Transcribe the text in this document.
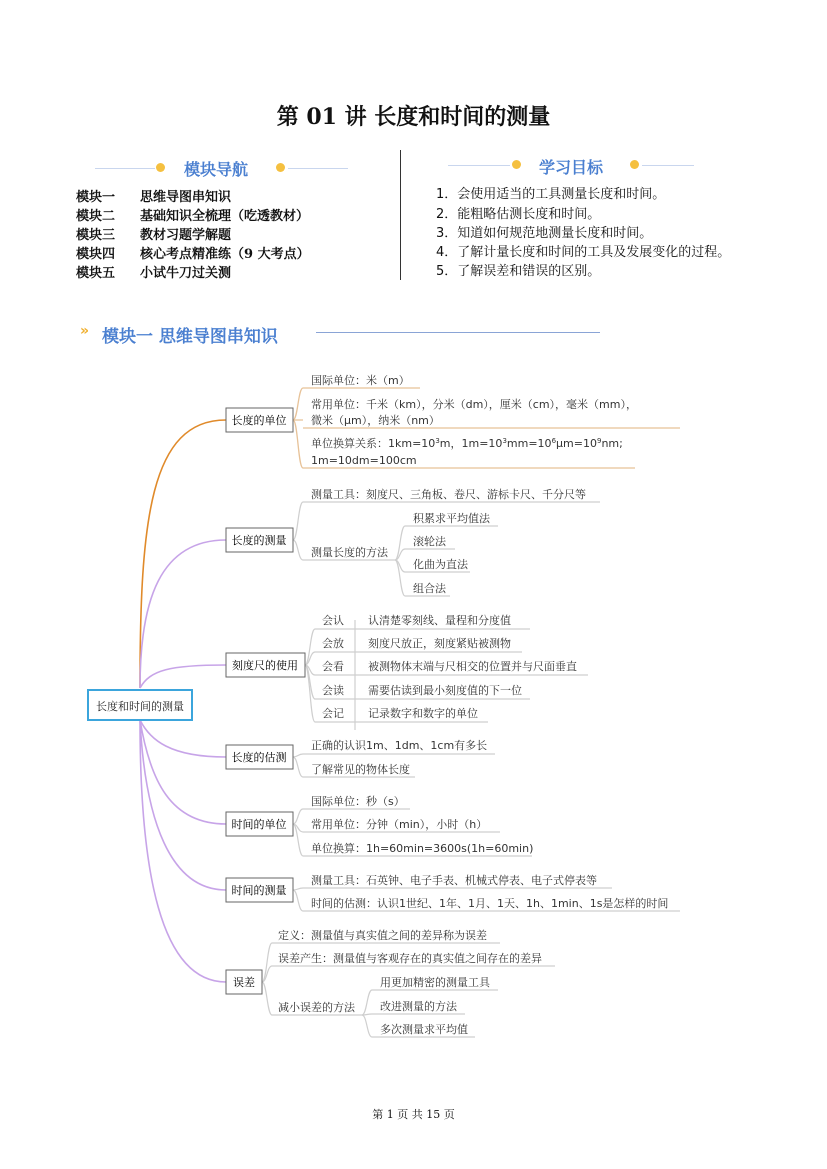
第 01 讲 长度和时间的测量
模块导航
模块一 思维导图串知识
模块二 基础知识全梳理（吃透教材）
模块三 教材习题学解题
模块四 核心考点精准练（9 大考点）
模块五 小试牛刀过关测
学习目标
1．会使用适当的工具测量长度和时间。
2．能粗略估测长度和时间。
3．知道如何规范地测量长度和时间。
4．了解计量长度和时间的工具及发展变化的过程。
5．了解误差和错误的区别。
» 模块一 思维导图串知识
长度和时间的测量
长度的单位
长度的测量
刻度尺的使用
长度的估测
时间的单位
时间的测量
误差
国际单位：米（m）
常用单位：千米（km），分米（dm），厘米（cm），毫米（mm），
微米（μm），纳米（nm）
单位换算关系：$1km=10^3m$，$1m=10^3mm=10^6\mu m=10^9nm$;
1m=10dm=100cm
测量工具：刻度尺、三角板、卷尺、游标卡尺、千分尺等
测量长度的方法
积累求平均值法
滚轮法
化曲为直法
组合法
会认 认清楚零刻线、量程和分度值
会放 刻度尺放正，刻度紧贴被测物
会看 被测物体末端与尺相交的位置并与尺面垂直
会读 需要估读到最小刻度值的下一位
会记 记录数字和数字的单位
正确的认识1m、1dm、1cm有多长
了解常见的物体长度
国际单位：秒（s）
常用单位：分钟（min），小时（h）
单位换算：1h=60min=3600s(1h=60min)
测量工具：石英钟、电子手表、机械式停表、电子式停表等
时间的估测：认识1世纪、1年、1月、1天、1h、1min、1s是怎样的时间
定义：测量值与真实值之间的差异称为误差
误差产生：测量值与客观存在的真实值之间存在的差异
减小误差的方法
用更加精密的测量工具
改进测量的方法
多次测量求平均值
第 1 页 共 15 页
